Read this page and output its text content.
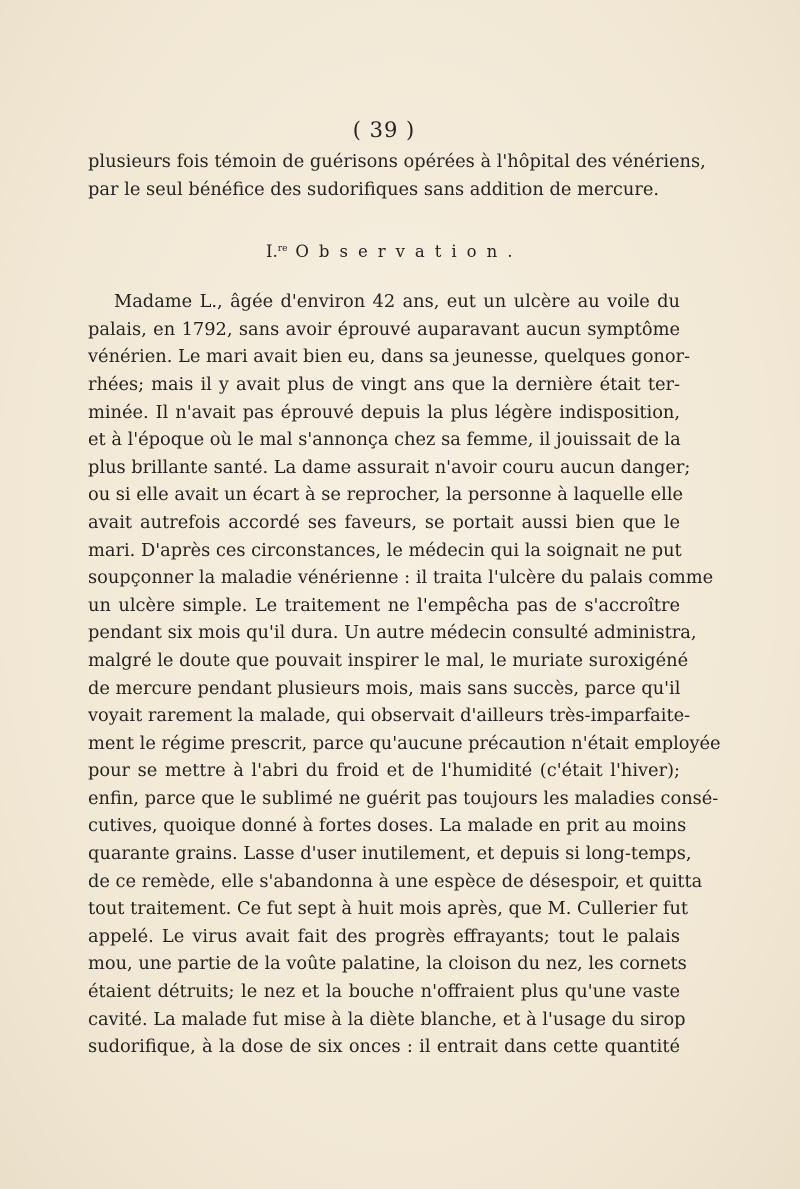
( 39 )
plusieurs fois témoin de guérisons opérées à l'hôpital des vénériens,
par le seul bénéfice des sudorifiques sans addition de mercure.
I.$^{re}$ Observation.
Madame L., âgée d'environ 42 ans, eut un ulcère au voile du
palais, en 1792, sans avoir éprouvé auparavant aucun symptôme
vénérien. Le mari avait bien eu, dans sa jeunesse, quelques gonor-
rhées; mais il y avait plus de vingt ans que la dernière était ter-
minée. Il n'avait pas éprouvé depuis la plus légère indisposition,
et à l'époque où le mal s'annonça chez sa femme, il jouissait de la
plus brillante santé. La dame assurait n'avoir couru aucun danger;
ou si elle avait un écart à se reprocher, la personne à laquelle elle
avait autrefois accordé ses faveurs, se portait aussi bien que le
mari. D'après ces circonstances, le médecin qui la soignait ne put
soupçonner la maladie vénérienne : il traita l'ulcère du palais comme
un ulcère simple. Le traitement ne l'empêcha pas de s'accroître
pendant six mois qu'il dura. Un autre médecin consulté administra,
malgré le doute que pouvait inspirer le mal, le muriate suroxigéné
de mercure pendant plusieurs mois, mais sans succès, parce qu'il
voyait rarement la malade, qui observait d'ailleurs très-imparfaite-
ment le régime prescrit, parce qu'aucune précaution n'était employée
pour se mettre à l'abri du froid et de l'humidité (c'était l'hiver);
enfin, parce que le sublimé ne guérit pas toujours les maladies consé-
cutives, quoique donné à fortes doses. La malade en prit au moins
quarante grains. Lasse d'user inutilement, et depuis si long-temps,
de ce remède, elle s'abandonna à une espèce de désespoir, et quitta
tout traitement. Ce fut sept à huit mois après, que M. Cullerier fut
appelé. Le virus avait fait des progrès effrayants; tout le palais
mou, une partie de la voûte palatine, la cloison du nez, les cornets
étaient détruits; le nez et la bouche n'offraient plus qu'une vaste
cavité. La malade fut mise à la diète blanche, et à l'usage du sirop
sudorifique, à la dose de six onces : il entrait dans cette quantité
